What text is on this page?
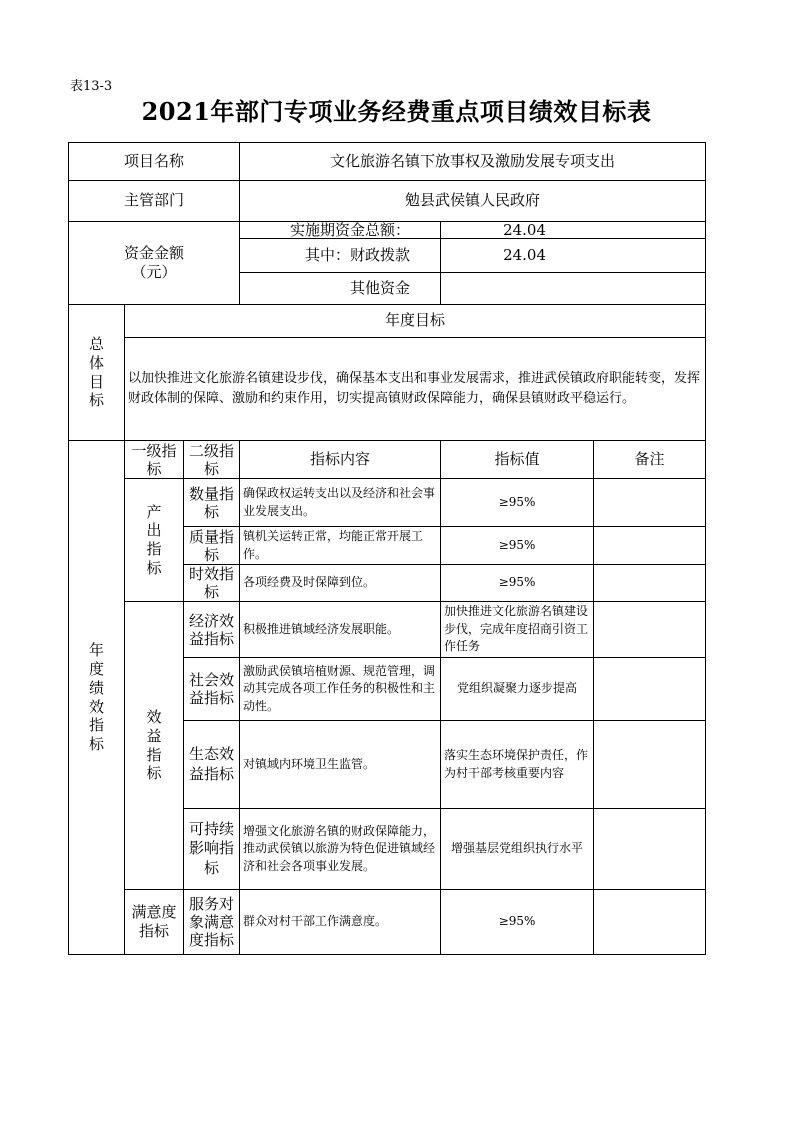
表13-3
2021年部门专项业务经费重点项目绩效目标表
项目名称			文化旅游名镇下放事权及激励发展专项支出		
主管部门			勉县武侯镇人民政府		

资金金额
（元）			实施期资金总额：	24.04	
			其中：财政拨款	24.04	
			其他资金		

总体目标	年度目标				
	以加快推进文化旅游名镇建设步伐，确保基本支出和事业发展需求，推进武侯镇政府职能转变，发挥财政体制的保障、激励和约束作用，切实提高镇财政保障能力，确保县镇财政平稳运行。				

年度绩效指标	一级指标	二级指标	指标内容	指标值	备注

	产出指标	数量指标	确保政权运转支出以及经济和社会事业发展支出。	≥95%	
		质量指标	镇机关运转正常，均能正常开展工作。	≥95%	
		时效指标	各项经费及时保障到位。	≥95%	

	效益指标	经济效益指标	积极推进镇域经济发展职能。	加快推进文化旅游名镇建设步伐，完成年度招商引资工作任务	
		社会效益指标	激励武侯镇培植财源、规范管理，调动其完成各项工作任务的积极性和主动性。	党组织凝聚力逐步提高	
		生态效益指标	对镇域内环境卫生监管。	落实生态环境保护责任，作为村干部考核重要内容	
		可持续影响指标	增强文化旅游名镇的财政保障能力，推动武侯镇以旅游为特色促进镇域经济和社会各项事业发展。	增强基层党组织执行水平	
	满意度指标	服务对象满意度指标	群众对村干部工作满意度。	≥95%	
